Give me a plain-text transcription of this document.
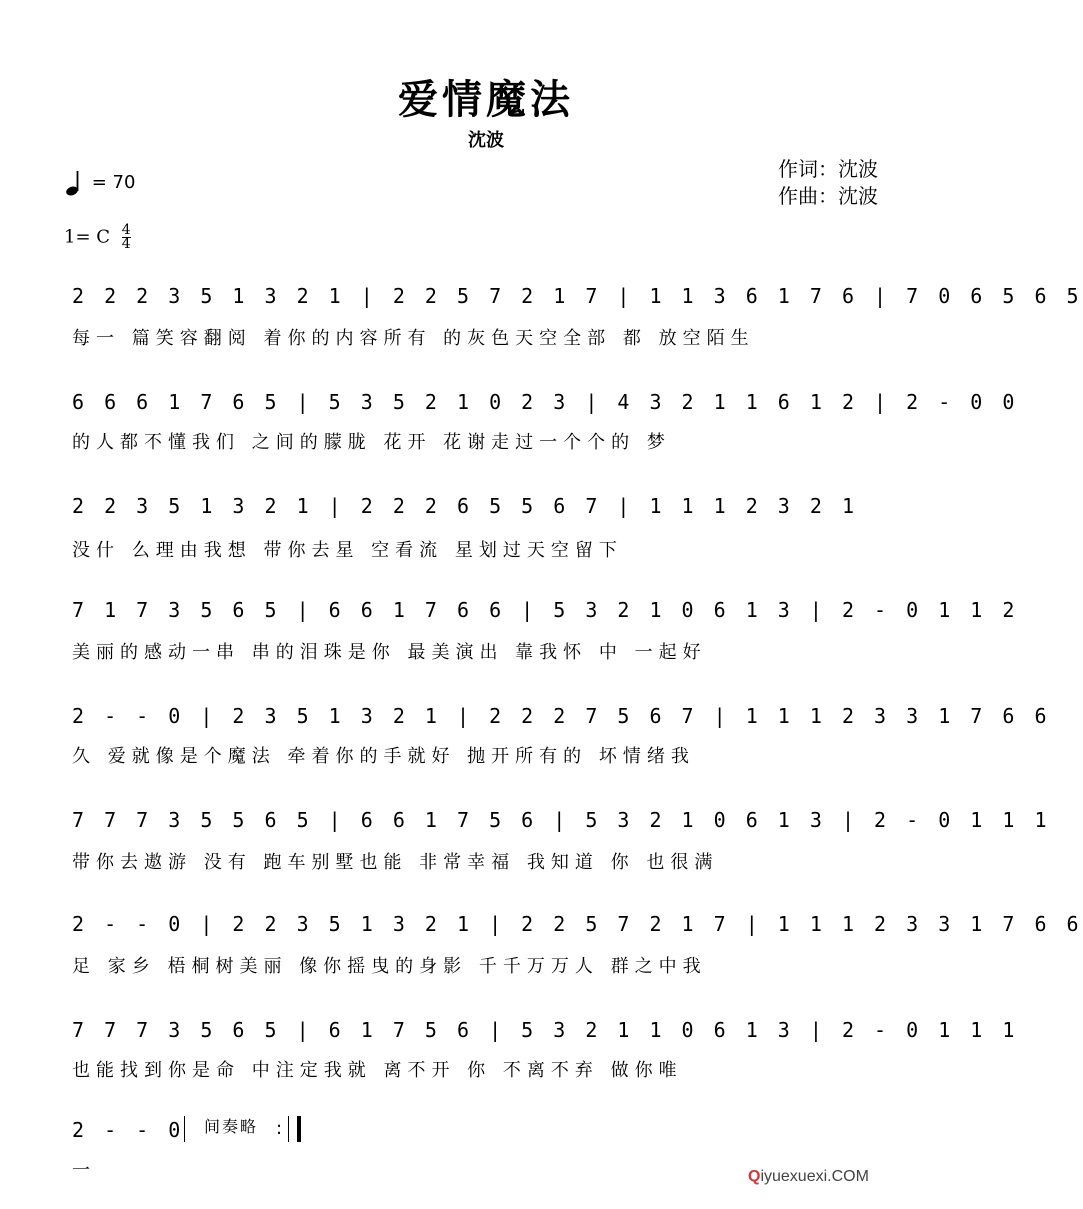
爱情魔法
沈波
作词：沈波
作曲：沈波
= 70
1= C $\frac{4}{4}$
2 2 2 3 5 1 3 2 1 | 2 2 5 7 2 1 7 | 1 1 3 6 1 7 6 | 7 0 6 5 6 5
每一 篇笑容翻阅 着你的内容所有 的灰色天空全部 都 放空陌生
6 6 6 1 7 6 5 | 5 3 5 2 1 0 2 3 | 4 3 2 1 1 6 1 2 | 2 - 0 0
的人都不懂我们 之间的朦胧 花开 花谢走过一个个的 梦
2 2 3 5 1 3 2 1 | 2 2 2 6 5 5 6 7 | 1 1 1 2 3 2 1
没什 么理由我想 带你去星 空看流 星划过天空留下
7 1 7 3 5 6 5 | 6 6 1 7 6 6 | 5 3 2 1 0 6 1 3 | 2 - 0 1 1 2
美丽的感动一串 串的泪珠是你 最美演出 靠我怀 中 一起好
2 - - 0 | 2 3 5 1 3 2 1 | 2 2 2 7 5 6 7 | 1 1 1 2 3 3 1 7 6 6
久 爱就像是个魔法 牵着你的手就好 抛开所有的 坏情绪我
7 7 7 3 5 5 6 5 | 6 6 1 7 5 6 | 5 3 2 1 0 6 1 3 | 2 - 0 1 1 1
带你去遨游 没有 跑车别墅也能 非常幸福 我知道 你 也很满
2 - - 0 | 2 2 3 5 1 3 2 1 | 2 2 5 7 2 1 7 | 1 1 1 2 3 3 1 7 6 6
足 家乡 梧桐树美丽 像你摇曳的身影 千千万万人 群之中我
7 7 7 3 5 6 5 | 6 1 7 5 6 | 5 3 2 1 1 0 6 1 3 | 2 - 0 1 1 1
也能找到你是命 中注定我就 离不开 你 不离不弃 做你唯
2 - - 0	间奏略 :
一	Qiyuexuexi.COM
